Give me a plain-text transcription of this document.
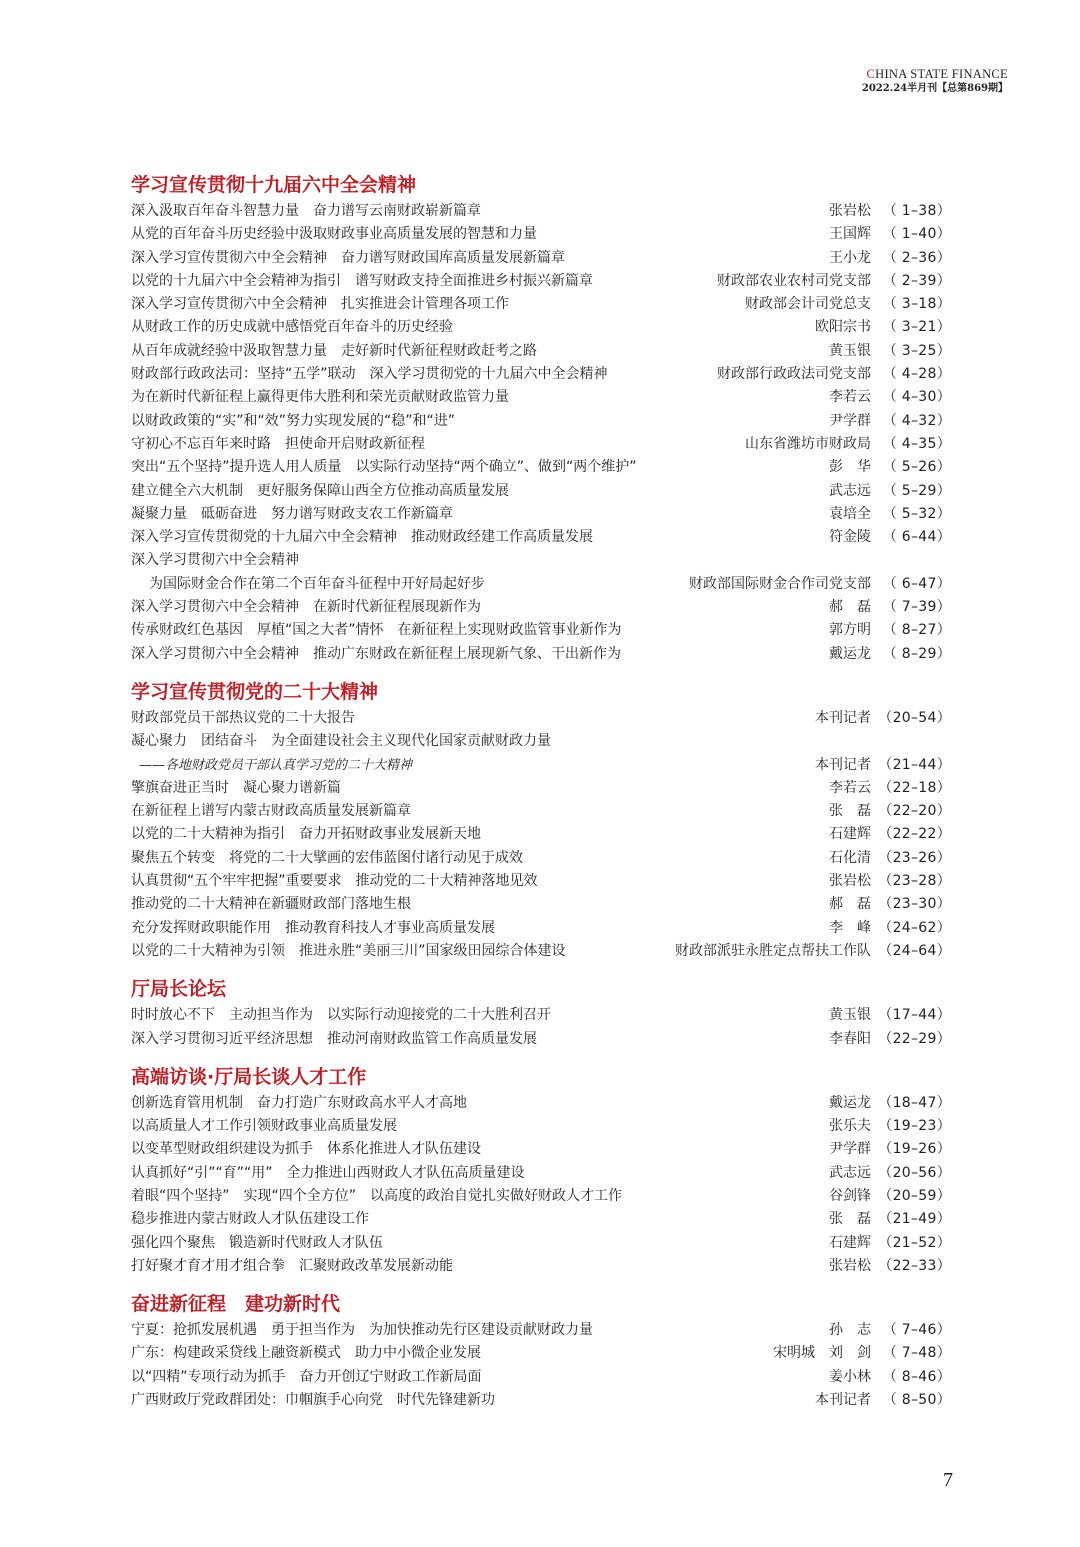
CHINA STATE FINANCE
2022.24半月刊【总第869期】
学习宣传贯彻十九届六中全会精神
深入汲取百年奋斗智慧力量　奋力谱写云南财政崭新篇章	张岩松 （ 1–38）
从党的百年奋斗历史经验中汲取财政事业高质量发展的智慧和力量	王国辉 （ 1–40）
深入学习宣传贯彻六中全会精神　奋力谱写财政国库高质量发展新篇章	王小龙 （ 2–36）
以党的十九届六中全会精神为指引　谱写财政支持全面推进乡村振兴新篇章	财政部农业农村司党支部 （ 2–39）
深入学习宣传贯彻六中全会精神　扎实推进会计管理各项工作	财政部会计司党总支 （ 3–18）
从财政工作的历史成就中感悟党百年奋斗的历史经验	欧阳宗书 （ 3–21）
从百年成就经验中汲取智慧力量　走好新时代新征程财政赶考之路	黄玉银 （ 3–25）
财政部行政政法司：坚持“五学”联动　深入学习贯彻党的十九届六中全会精神	财政部行政政法司党支部 （ 4–28）
为在新时代新征程上赢得更伟大胜利和荣光贡献财政监管力量	李若云 （ 4–30）
以财政政策的“实”和“效”努力实现发展的“稳”和“进”	尹学群 （ 4–32）
守初心不忘百年来时路　担使命开启财政新征程	山东省潍坊市财政局 （ 4–35）
突出“五个坚持”提升选人用人质量　以实际行动坚持“两个确立”、做到“两个维护”	彭　华 （ 5–26）
建立健全六大机制　更好服务保障山西全方位推动高质量发展	武志远 （ 5–29）
凝聚力量　砥砺奋进　努力谱写财政支农工作新篇章	袁培全 （ 5–32）
深入学习宣传贯彻党的十九届六中全会精神　推动财政经建工作高质量发展	符金陵 （ 6–44）
深入学习贯彻六中全会精神
为国际财金合作在第二个百年奋斗征程中开好局起好步	财政部国际财金合作司党支部 （ 6–47）
深入学习贯彻六中全会精神　在新时代新征程展现新作为	郝　磊 （ 7–39）
传承财政红色基因　厚植“国之大者”情怀　在新征程上实现财政监管事业新作为	郭方明 （ 8–27）
深入学习贯彻六中全会精神　推动广东财政在新征程上展现新气象、干出新作为	戴运龙 （ 8–29）
学习宣传贯彻党的二十大精神
财政部党员干部热议党的二十大报告	本刊记者 （20–54）
凝心聚力　团结奋斗　为全面建设社会主义现代化国家贡献财政力量
——各地财政党员干部认真学习党的二十大精神	本刊记者 （21–44）
擎旗奋进正当时　凝心聚力谱新篇	李若云 （22–18）
在新征程上谱写内蒙古财政高质量发展新篇章	张　磊 （22–20）
以党的二十大精神为指引　奋力开拓财政事业发展新天地	石建辉 （22–22）
聚焦五个转变　将党的二十大擘画的宏伟蓝图付诸行动见于成效	石化清 （23–26）
认真贯彻“五个牢牢把握”重要要求　推动党的二十大精神落地见效	张岩松 （23–28）
推动党的二十大精神在新疆财政部门落地生根	郝　磊 （23–30）
充分发挥财政职能作用　推动教育科技人才事业高质量发展	李　峰 （24–62）
以党的二十大精神为引领　推进永胜“美丽三川”国家级田园综合体建设	财政部派驻永胜定点帮扶工作队 （24–64）
厅局长论坛
时时放心不下　主动担当作为　以实际行动迎接党的二十大胜利召开	黄玉银 （17–44）
深入学习贯彻习近平经济思想　推动河南财政监管工作高质量发展	李春阳 （22–29）
高端访谈·厅局长谈人才工作
创新选育管用机制　奋力打造广东财政高水平人才高地	戴运龙 （18–47）
以高质量人才工作引领财政事业高质量发展	张乐夫 （19–23）
以变革型财政组织建设为抓手　体系化推进人才队伍建设	尹学群 （19–26）
认真抓好“引”“育”“用”　全力推进山西财政人才队伍高质量建设	武志远 （20–56）
着眼“四个坚持”　实现“四个全方位”　以高度的政治自觉扎实做好财政人才工作	谷剑锋 （20–59）
稳步推进内蒙古财政人才队伍建设工作	张　磊 （21–49）
强化四个聚焦　锻造新时代财政人才队伍	石建辉 （21–52）
打好聚才育才用才组合拳　汇聚财政改革发展新动能	张岩松 （22–33）
奋进新征程　建功新时代
宁夏：抢抓发展机遇　勇于担当作为　为加快推动先行区建设贡献财政力量	孙　志 （ 7–46）
广东：构建政采贷线上融资新模式　助力中小微企业发展	宋明城　刘　剑 （ 7–48）
以“四精”专项行动为抓手　奋力开创辽宁财政工作新局面	姜小林 （ 8–46）
广西财政厅党政群团处：巾帼旗手心向党　时代先锋建新功	本刊记者 （ 8–50）
7
